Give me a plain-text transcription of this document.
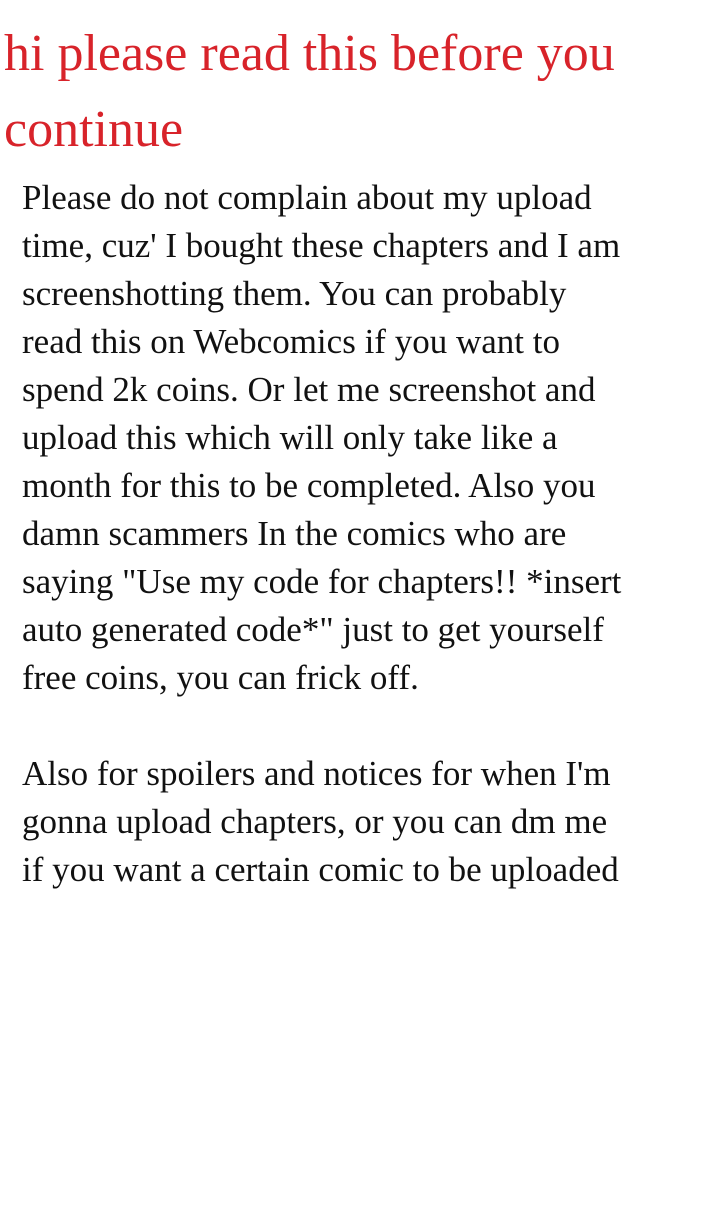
hi please read this before you
continue

Please do not complain about my upload
time, cuz' I bought these chapters and I am
screenshotting them. You can probably
read this on Webcomics if you want to
spend 2k coins. Or let me screenshot and
upload this which will only take like a
month for this to be completed. Also you
damn scammers In the comics who are
saying "Use my code for chapters!! *insert
auto generated code*" just to get yourself
free coins, you can frick off.

Also for spoilers and notices for when I'm
gonna upload chapters, or you can dm me
if you want a certain comic to be uploaded
